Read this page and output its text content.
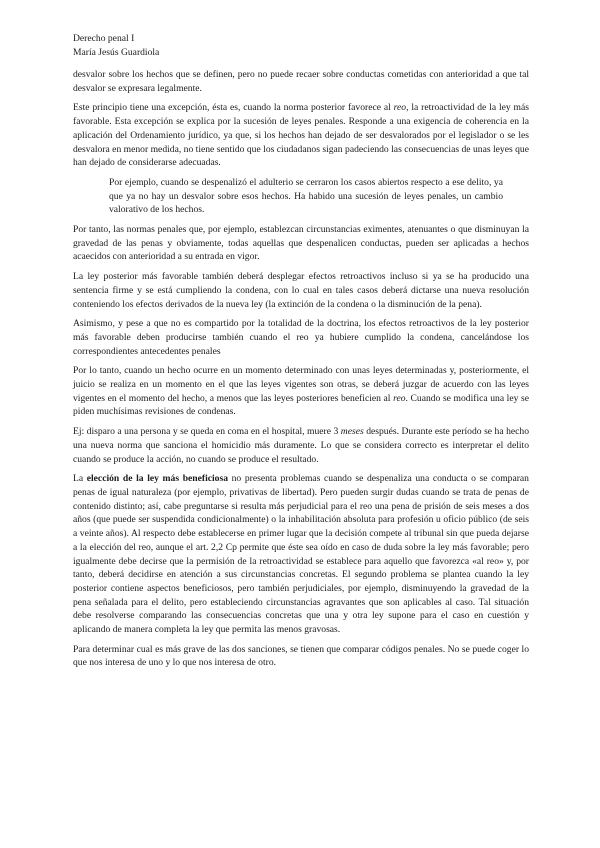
Derecho penal I
María Jesús Guardiola

desvalor sobre los hechos que se definen, pero no puede recaer sobre conductas cometidas con anterioridad a que tal desvalor se expresara legalmente.

Este principio tiene una excepción, ésta es, cuando la norma posterior favorece al reo, la retroactividad de la ley más favorable. Esta excepción se explica por la sucesión de leyes penales. Responde a una exigencia de coherencia en la aplicación del Ordenamiento jurídico, ya que, si los hechos han dejado de ser desvalorados por el legislador o se les desvalora en menor medida, no tiene sentido que los ciudadanos sigan padeciendo las consecuencias de unas leyes que han dejado de considerarse adecuadas.

Por ejemplo, cuando se despenalizó el adulterio se cerraron los casos abiertos respecto a ese delito, ya que ya no hay un desvalor sobre esos hechos. Ha habido una sucesión de leyes penales, un cambio valorativo de los hechos.

Por tanto, las normas penales que, por ejemplo, establezcan circunstancias eximentes, atenuantes o que disminuyan la gravedad de las penas y obviamente, todas aquellas que despenalicen conductas, pueden ser aplicadas a hechos acaecidos con anterioridad a su entrada en vigor.

La ley posterior más favorable también deberá desplegar efectos retroactivos incluso si ya se ha producido una sentencia firme y se está cumpliendo la condena, con lo cual en tales casos deberá dictarse una nueva resolución conteniendo los efectos derivados de la nueva ley (la extinción de la condena o la disminución de la pena).

Asimismo, y pese a que no es compartido por la totalidad de la doctrina, los efectos retroactivos de la ley posterior más favorable deben producirse también cuando el reo ya hubiere cumplido la condena, cancelándose los correspondientes antecedentes penales

Por lo tanto, cuando un hecho ocurre en un momento determinado con unas leyes determinadas y, posteriormente, el juicio se realiza en un momento en el que las leyes vigentes son otras, se deberá juzgar de acuerdo con las leyes vigentes en el momento del hecho, a menos que las leyes posteriores beneficien al reo. Cuando se modifica una ley se piden muchísimas revisiones de condenas.

Ej: disparo a una persona y se queda en coma en el hospital, muere 3 meses después. Durante este período se ha hecho una nueva norma que sanciona el homicidio más duramente. Lo que se considera correcto es interpretar el delito cuando se produce la acción, no cuando se produce el resultado.

La elección de la ley más beneficiosa no presenta problemas cuando se despenaliza una conducta o se comparan penas de igual naturaleza (por ejemplo, privativas de libertad). Pero pueden surgir dudas cuando se trata de penas de contenido distinto; así, cabe preguntarse si resulta más perjudicial para el reo una pena de prisión de seis meses a dos años (que puede ser suspendida condicionalmente) o la inhabilitación absoluta para profesión u oficio público (de seis a veinte años). Al respecto debe establecerse en primer lugar que la decisión compete al tribunal sin que pueda dejarse a la elección del reo, aunque el art. 2,2 Cp permite que éste sea oído en caso de duda sobre la ley más favorable; pero igualmente debe decirse que la permisión de la retroactividad se establece para aquello que favorezca «al reo» y, por tanto, deberá decidirse en atención a sus circunstancias concretas. El segundo problema se plantea cuando la ley posterior contiene aspectos beneficiosos, pero también perjudiciales, por ejemplo, disminuyendo la gravedad de la pena señalada para el delito, pero estableciendo circunstancias agravantes que son aplicables al caso. Tal situación debe resolverse comparando las consecuencias concretas que una y otra ley supone para el caso en cuestión y aplicando de manera completa la ley que permita las menos gravosas.

Para determinar cual es más grave de las dos sanciones, se tienen que comparar códigos penales. No se puede coger lo que nos interesa de uno y lo que nos interesa de otro.
